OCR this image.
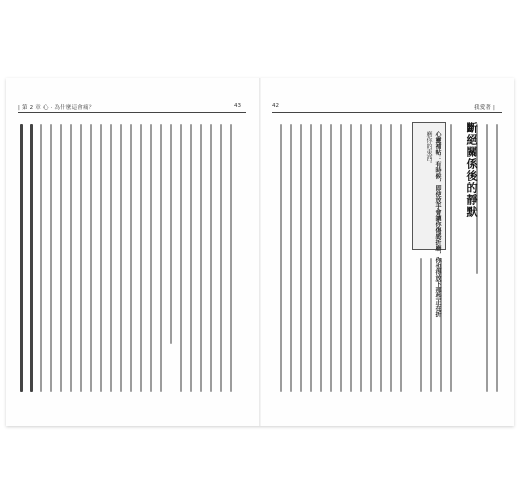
| 第 2 章 心 · 為什麼這會痛？	43	42	我愛著 |
斷絕關係後的靜默
心靈補帖：有時候，即使放手會讓你傷感折磨，你也得放下那些正在折
磨你的東西。
